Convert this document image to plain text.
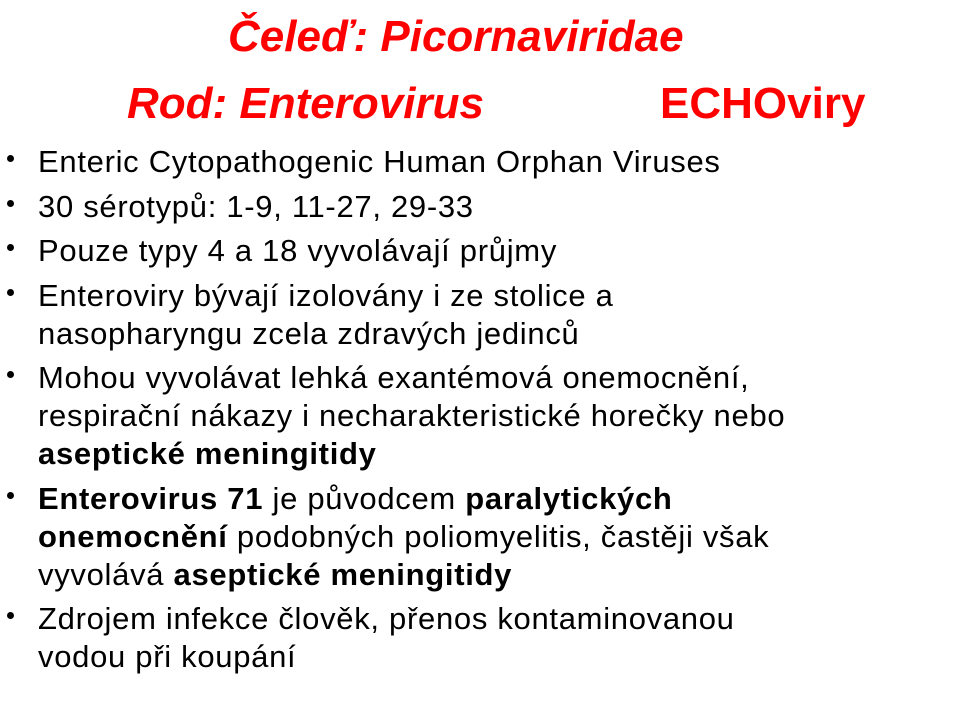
Čeleď: Picornaviridae
Rod: Enterovirus	ECHOviry
Enteric Cytopathogenic Human Orphan Viruses
30 sérotypů: 1-9, 11-27, 29-33
Pouze typy 4 a 18 vyvolávají průjmy
Enteroviry bývají izolovány i ze stolice a
nasopharyngu zcela zdravých jedinců
Mohou vyvolávat lehká exantémová onemocnění,
respirační nákazy i necharakteristické horečky nebo
aseptické meningitidy
Enterovirus 71 je původcem paralytických
onemocnění podobných poliomyelitis, častěji však
vyvolává aseptické meningitidy
Zdrojem infekce člověk, přenos kontaminovanou
vodou při koupání
